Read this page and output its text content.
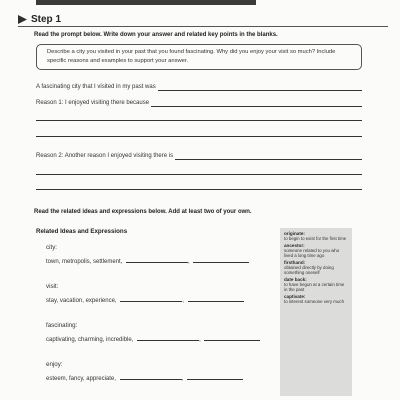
Step 1
Read the prompt below. Write down your answer and related key points in the blanks.
Describe a city you visited in your past that you found fascinating. Why did you enjoy your visit so much? Include specific reasons and examples to support your answer.
A fascinating city that I visited in my past was
Reason 1: I enjoyed visiting there because
Reason 2: Another reason I enjoyed visiting there is
Read the related ideas and expressions below. Add at least two of your own.
Related Ideas and Expressions
city:
town, metropolis, settlement,	,
visit:
stay, vacation, experience,	,
fascinating:
captivating, charming, incredible,	,
enjoy:
esteem, fancy, appreciate,	,
originate:
to begin to exist for the first time
ancestor:
someone related to you who lived a long time ago
firsthand:
obtained directly by doing something oneself
date back:
to have begun at a certain time in the past
captivate:
to interest someone very much
